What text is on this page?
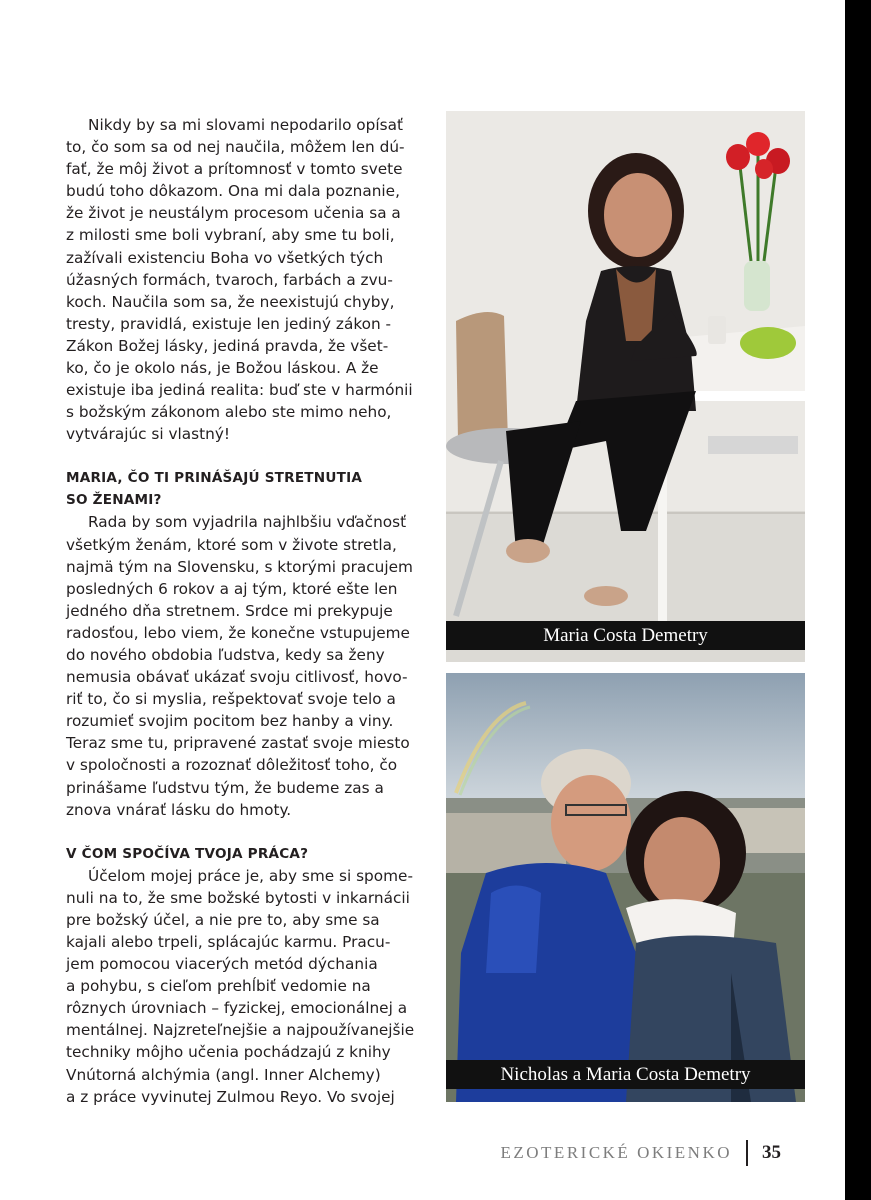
Nikdy by sa mi slovami nepodarilo opísať
to, čo som sa od nej naučila, môžem len dú-
fať, že môj život a prítomnosť v tomto svete
budú toho dôkazom. Ona mi dala poznanie,
že život je neustálym procesom učenia sa a
z milosti sme boli vybraní, aby sme tu boli,
zažívali existenciu Boha vo všetkých tých
úžasných formách, tvaroch, farbách a zvu-
koch. Naučila som sa, že neexistujú chyby,
tresty, pravidlá, existuje len jediný zákon -
Zákon Božej lásky, jediná pravda, že všet-
ko, čo je okolo nás, je Božou láskou. A že
existuje iba jediná realita: buď ste v harmónii
s božským zákonom alebo ste mimo neho,
vytvárajúc si vlastný!

MARIA, ČO TI PRINÁŠAJÚ STRETNUTIA
SO ŽENAMI?

Rada by som vyjadrila najhlbšiu vďačnosť
všetkým ženám, ktoré som v živote stretla,
najmä tým na Slovensku, s ktorými pracujem
posledných 6 rokov a aj tým, ktoré ešte len
jedného dňa stretnem. Srdce mi prekypuje
radosťou, lebo viem, že konečne vstupujeme
do nového obdobia ľudstva, kedy sa ženy
nemusia obávať ukázať svoju citlivosť, hovo-
riť to, čo si myslia, rešpektovať svoje telo a
rozumieť svojim pocitom bez hanby a viny.
Teraz sme tu, pripravené zastať svoje miesto
v spoločnosti a rozoznať dôležitosť toho, čo
prinášame ľudstvu tým, že budeme zas a
znova vnárať lásku do hmoty.

V ČOM SPOČÍVA TVOJA PRÁCA?

Účelom mojej práce je, aby sme si spome-
nuli na to, že sme božské bytosti v inkarnácii
pre božský účel, a nie pre to, aby sme sa
kajali alebo trpeli, splácajúc karmu. Pracu-
jem pomocou viacerých metód dýchania
a pohybu, s cieľom prehĺbiť vedomie na
rôznych úrovniach – fyzickej, emocionálnej a
mentálnej. Najzreteľnejšie a najpoužívanejšie
techniky môjho učenia pochádzajú z knihy
Vnútorná alchýmia (angl. Inner Alchemy)
a z práce vyvinutej Zulmou Reyo. Vo svojej

Maria Costa Demetry
Nicholas a Maria Costa Demetry
EZOTERICKÉ OKIENKO 35
